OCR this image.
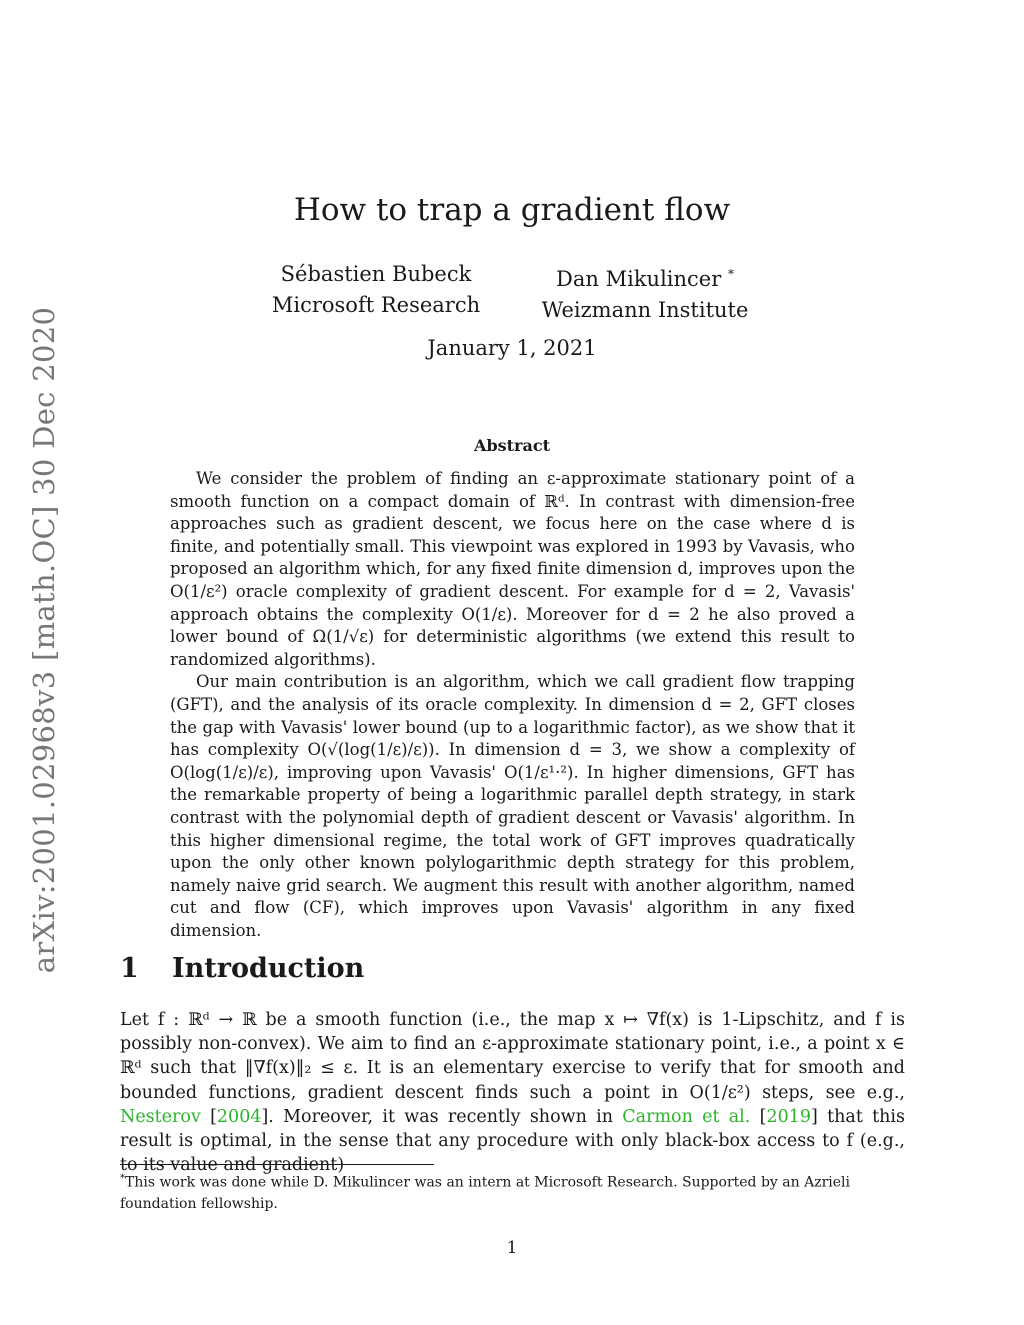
arXiv:2001.02968v3 [math.OC] 30 Dec 2020
How to trap a gradient flow
Sébastien Bubeck
Microsoft Research
Dan Mikulincer *
Weizmann Institute
January 1, 2021
Abstract

We consider the problem of finding an ε-approximate stationary point of a smooth function on a compact domain of ℝᵈ. In contrast with dimension-free approaches such as gradient descent, we focus here on the case where d is finite, and potentially small. This viewpoint was explored in 1993 by Vavasis, who proposed an algorithm which, for any fixed finite dimension d, improves upon the O(1/ε²) oracle complexity of gradient descent. For example for d = 2, Vavasis' approach obtains the complexity O(1/ε). Moreover for d = 2 he also proved a lower bound of Ω(1/√ε) for deterministic algorithms (we extend this result to randomized algorithms).

Our main contribution is an algorithm, which we call gradient flow trapping (GFT), and the analysis of its oracle complexity. In dimension d = 2, GFT closes the gap with Vavasis' lower bound (up to a logarithmic factor), as we show that it has complexity O(√(log(1/ε)/ε)). In dimension d = 3, we show a complexity of O(log(1/ε)/ε), improving upon Vavasis' O(1/ε¹·²). In higher dimensions, GFT has the remarkable property of being a logarithmic parallel depth strategy, in stark contrast with the polynomial depth of gradient descent or Vavasis' algorithm. In this higher dimensional regime, the total work of GFT improves quadratically upon the only other known polylogarithmic depth strategy for this problem, namely naive grid search. We augment this result with another algorithm, named cut and flow (CF), which improves upon Vavasis' algorithm in any fixed dimension.

1 Introduction

Let f : ℝᵈ → ℝ be a smooth function (i.e., the map x ↦ ∇f(x) is 1-Lipschitz, and f is possibly non-convex). We aim to find an ε-approximate stationary point, i.e., a point x ∈ ℝᵈ such that ‖∇f(x)‖₂ ≤ ε. It is an elementary exercise to verify that for smooth and bounded functions, gradient descent finds such a point in O(1/ε²) steps, see e.g., Nesterov [2004]. Moreover, it was recently shown in Carmon et al. [2019] that this result is optimal, in the sense that any procedure with only black-box access to f (e.g., to its value and gradient)

*This work was done while D. Mikulincer was an intern at Microsoft Research. Supported by an Azrieli foundation fellowship.

1
